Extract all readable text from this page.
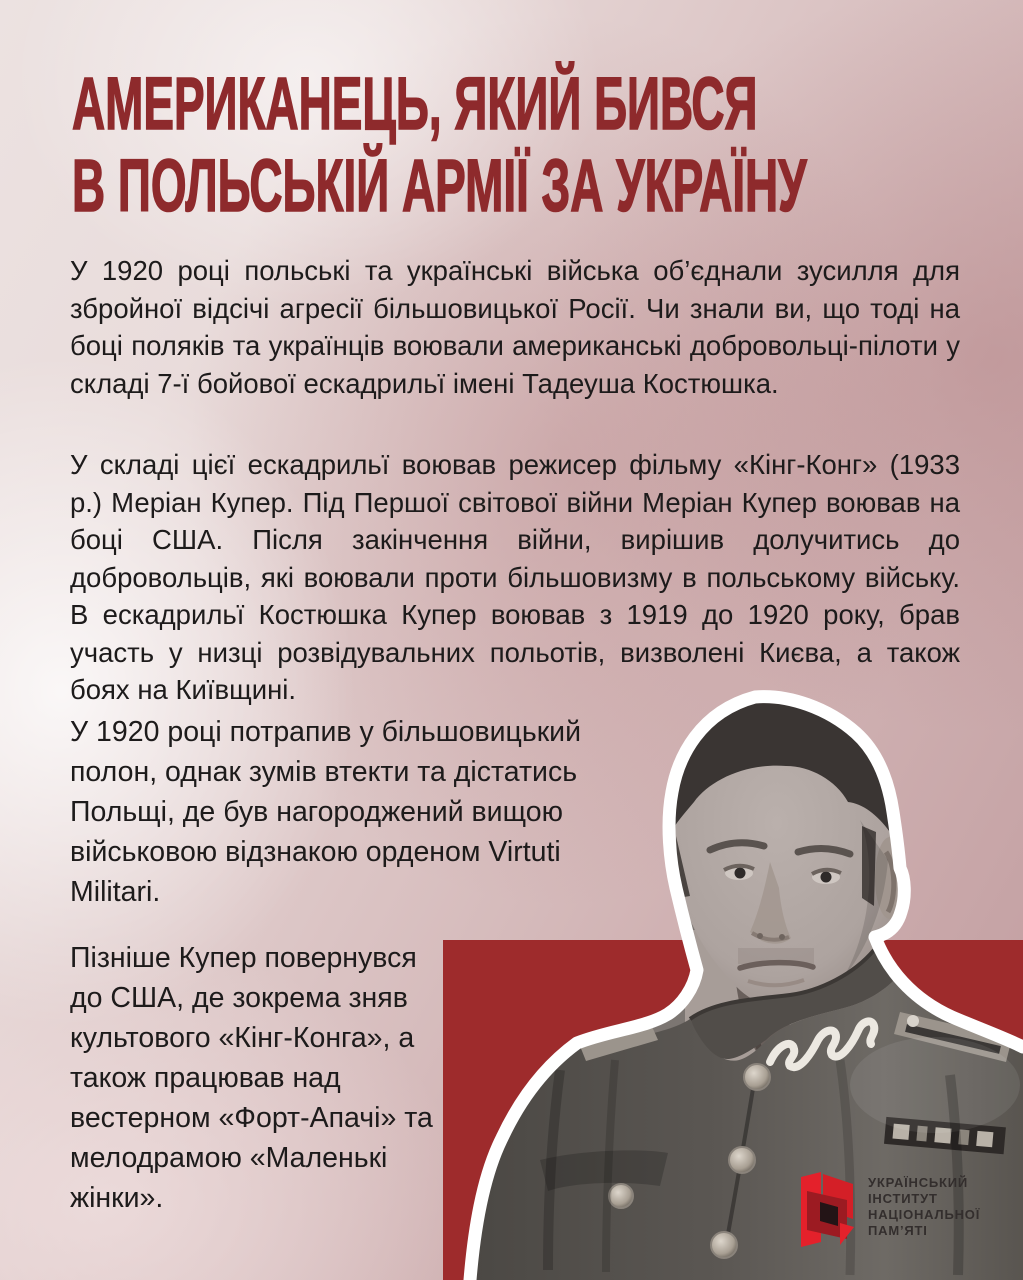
АМЕРИКАНЕЦЬ, ЯКИЙ БИВСЯ
В ПОЛЬСЬКІЙ АРМІЇ ЗА УКРАЇНУ

У 1920 році польські та українські війська об’єднали зусилля для збройної відсічі агресії більшовицької Росії. Чи знали ви, що тоді на боці поляків та українців воювали американські добровольці-пілоти у складі 7-ї бойової ескадрильї імені Тадеуша Костюшка.

У складі цієї ескадрильї воював режисер фільму «Кінг-Конг» (1933 р.) Меріан Купер. Під Першої світової війни Меріан Купер воював на боці США. Після закінчення війни, вирішив долучитись до добровольців, які воювали проти більшовизму в польському війську. В ескадрильї Костюшка Купер воював з 1919 до 1920 року, брав участь у низці розвідувальних польотів, визволені Києва, а також боях на Київщині.

У 1920 році потрапив у більшовицький полон, однак зумів втекти та дістатись Польщі, де був нагороджений вищою військовою відзнакою орденом Virtuti Militari.

Пізніше Купер повернувся до США, де зокрема зняв культового «Кінг-Конга», а також працював над вестерном «Форт-Апачі» та мелодрамою «Маленькі жінки».	УКРАЇНСЬКИЙ
ІНСТИТУТ
НАЦІОНАЛЬНОЇ
ПАМ’ЯТІ
